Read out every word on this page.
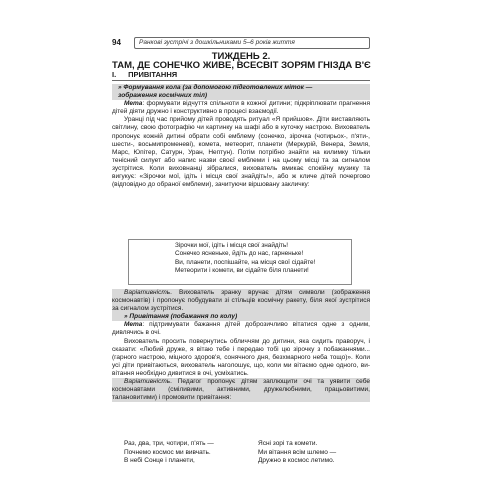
94	Ранкові зустрічі з дошкільниками 5–6 років життя
ТИЖДЕНЬ 2.
ТАМ, ДЕ СОНЕЧКО ЖИВЕ, ВСЕСВІТ ЗОРЯМ ГНІЗДА В'Є
I. ПРИВІТАННЯ

» Формування кола (за допомогою підготовлених міток —
зображення космічних тіл)

Мета: формувати відчуття спільноти в кожної дитини; підкріплювати прагнення дітей діяти дружно і конструктивно в процесі взаємодії.

Уранці під час прийому дітей проводять ритуал «Я прийшов». Діти виставляють світлину, свою фотографію чи картинку на шафі або в куточку настрою. Вихователь пропонує кожній дитині обрати собі емблему (сонечко, зірочка (чотирьох-, п'яти-, шести-, восьмипроменеві), комета, метеорит, планети (Меркурій, Венера, Земля, Марс, Юпітер, Сатурн, Уран, Нептун). Потім потрібно знайти на килимку тільки тенісний силует або напис назви своєї емблеми і на цьому місці та за сигналом зустрітися. Коли виховнанці зібралися, вихователь вмикає спокійну музику та вигукує: «Зірочки мої, ідіть і місця свої знайдіть!», або ж кличе дітей почергово (відповідно до обраної емблеми), зачитуючи віршовану закличку:

Зірочки мої, ідіть і місця свої знайдіть!
Сонечко ясненьке, йдіть до нас, гарненьке!
Ви, планети, поспішайте, на місця свої сідайте!
Метеорити і комети, ви сідайте біля планети!

Варіативність. Вихователь зранку вручає дітям символи (зображення космонавтів) і пропонує побудувати зі стільців космічну ракету, біля якої зустрітися за сигналом зустрітися.

» Привітання (побажання по колу)

Мета: підтримувати бажання дітей доброзичливо вітатися одне з одним, дивлячись в очі.

Вихователь просить повернутись обличчям до дитини, яка сидить праворуч, і сказати: «Любий друже, я вітаю тебе і передаю тобі цю зірочку з побажаннями... (гарного настрою, міцного здоров'я, сонячного дня, безхмарного неба тощо)». Коли усі діти привітаються, вихователь наголошує, що, коли ми вітаємо одне одного, вивітання необхідно дивитися в очі, усміхатись.

Варіативність. Педагог пропонує дітям заплющити очі та уявити себе космонавтами (сміливими, активними, дружелюбними, працьовитими, талановитими) і промовити привітання:

Раз, два, три, чотири, п'ять —
Почнемо космос ми вивчать.
В небі Сонце і планети,
Ясні зорі та комети.
Ми вітання всім шлемо —
Дружно в космос летимо.
